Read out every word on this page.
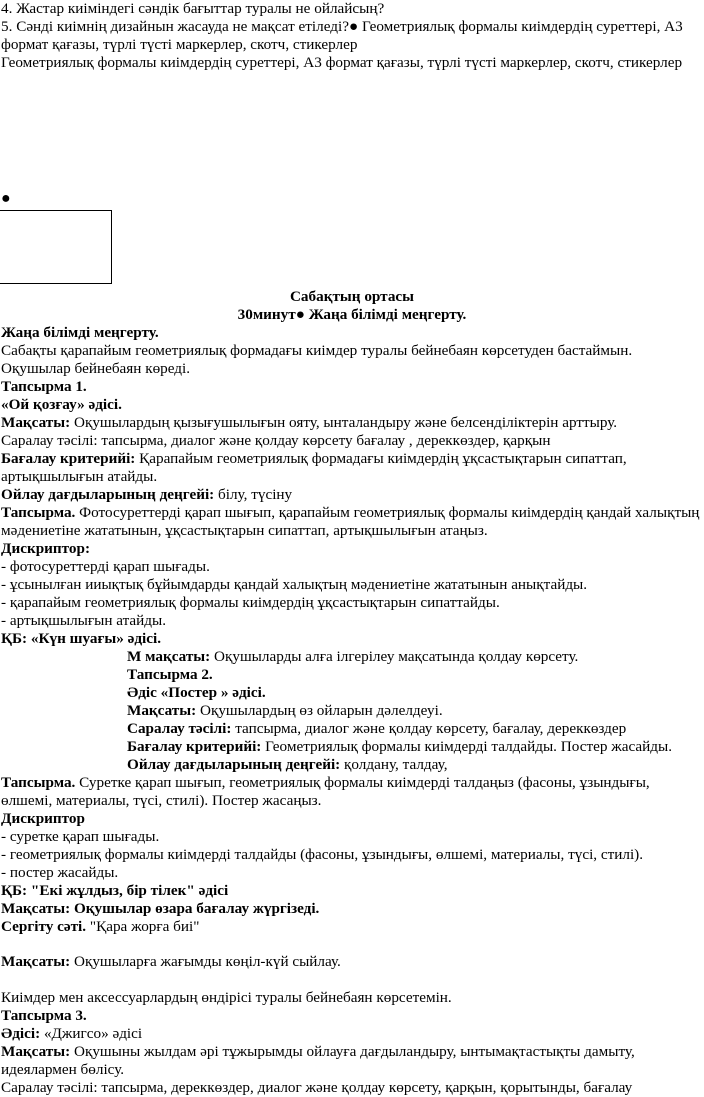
4. Жастар киіміндегі сәндік бағыттар туралы не ойлайсың?
5. Сәнді киімнің дизайнын жасауда не мақсат етіледі?● Геометриялық формалы киімдердің суреттері, А3
формат қағазы, түрлі түсті маркерлер, скотч, стикерлер
Геометриялық формалы киімдердің суреттері, А3 формат қағазы, түрлі түсті маркерлер, скотч, стикерлер
●
Сабақтың ортасы
30минут● Жаңа білімді меңгерту.
Жаңа білімді меңгерту.
Сабақты қарапайым геометриялық формадағы киімдер туралы бейнебаян көрсетуден бастаймын. Оқушылар бейнебаян көреді.
Тапсырма 1.
«Ой қозғау» әдісі.
Мақсаты: Оқушылардың қызығушылығын ояту, ынталандыру және белсенділіктерін арттыру.
Саралау тәсілі: тапсырма, диалог және қолдау көрсету бағалау , дереккөздер, қарқын
Бағалау критерийі: Қарапайым геометриялық формадағы киімдердің ұқсастықтарын сипаттап, артықшылығын атайды.
Ойлау дағдыларының деңгейі: білу, түсіну
Тапсырма. Фотосуреттерді қарап шығып, қарапайым геометриялық формалы киімдердің қандай халықтың мәдениетіне жататынын, ұқсастықтарын сипаттап, артықшылығын атаңыз.
Дискриптор:
- фотосуреттерді қарап шығады.
- ұсынылған ииықтық бұйымдарды қандай халықтың мәдениетіне жататынын анықтайды.
- қарапайым геометриялық формалы киімдердің ұқсастықтарын сипаттайды.
- артықшылығын атайды.
ҚБ: «Күн шуағы» әдісі.
М мақсаты: Оқушыларды алға ілгерілеу мақсатында қолдау көрсету.
Тапсырма 2.
Әдіс «Постер » әдісі.
Мақсаты: Оқушылардың өз ойларын дәлелдеуі.
Саралау тәсілі: тапсырма, диалог және қолдау көрсету, бағалау, дереккөздер
Бағалау критерийі: Геометриялық формалы киімдерді талдайды. Постер жасайды.
Ойлау дағдыларының деңгейі: қолдану, талдау,
Тапсырма. Суретке қарап шығып, геометриялық формалы киімдерді талдаңыз (фасоны, ұзындығы, өлшемі, материалы, түсі, стилі). Постер жасаңыз.
Дискриптор
- суретке қарап шығады.
- геометриялық формалы киімдерді талдайды (фасоны, ұзындығы, өлшемі, материалы, түсі, стилі).
- постер жасайды.
ҚБ: "Екі жұлдыз, бір тілек" әдісі
Мақсаты: Оқушылар өзара бағалау жүргізеді.
Сергіту сәті. "Қара жорға биі"
Мақсаты: Оқушыларға жағымды көңіл-күй сыйлау.
Киімдер мен аксессуарлардың өндірісі туралы бейнебаян көрсетемін.
Тапсырма 3.
Әдісі: «Джигсо» әдісі
Мақсаты: Оқушыны жылдам әрі тұжырымды ойлауға дағдыландыру, ынтымақтастықты дамыту, идеялармен бөлісу.
Саралау тәсілі: тапсырма, дереккөздер, диалог және қолдау көрсету, қарқын, қорытынды, бағалау
